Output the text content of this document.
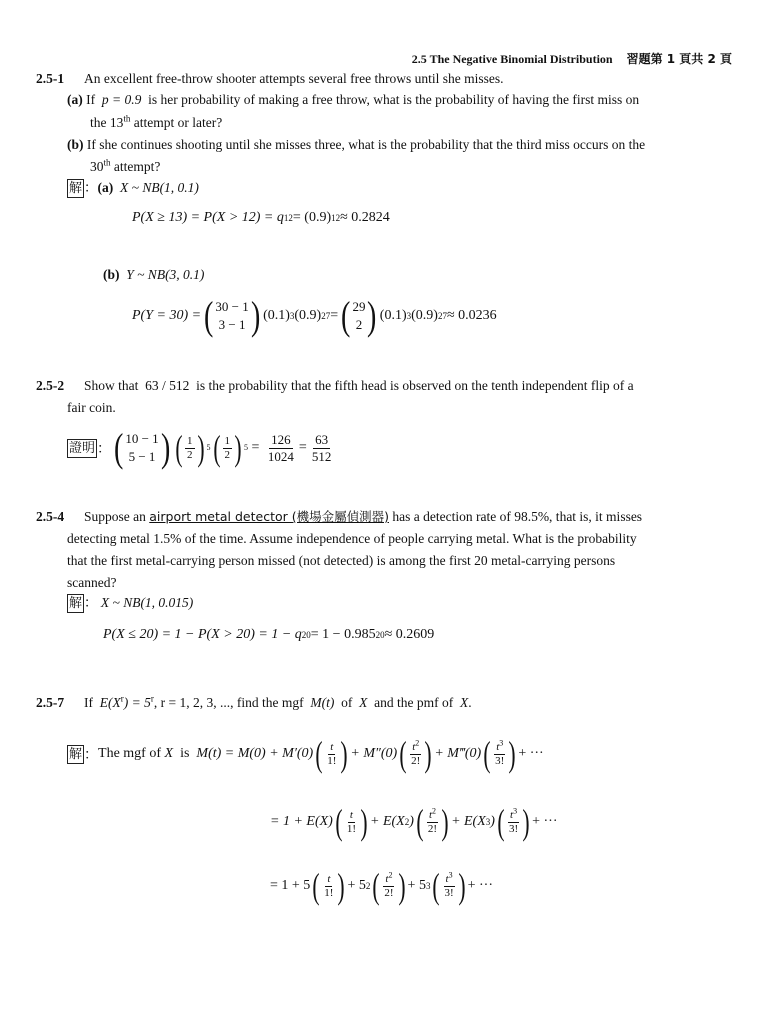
2.5 The Negative Binomial Distribution 習題第 1 頁共 2 頁
2.5-1 An excellent free-throw shooter attempts several free throws until she misses.
(a) If p = 0.9 is her probability of making a free throw, what is the probability of having the first miss on
the 13th attempt or later?
(b) If she continues shooting until she misses three, what is the probability that the third miss occurs on the
30th attempt?
解 ：(a) X ~ NB(1, 0.1)
P(X ≥ 13) = P(X > 12) = q 12 = (0.9) 12 ≈ 0.2824
(b) Y ~ NB(3, 0.1)
P(Y = 30) = ( 30 − 1
3 − 1 ) (0.1) 3 (0.9) 27 = ( 29
2 ) (0.1) 3 (0.9) 27 ≈ 0.0236
2.5-2 Show that 63 / 512 is the probability that the fifth head is observed on the tenth independent flip of a
fair coin.
證明 ： ( 10 − 1
5 − 1 ) ( $\frac{1}{2}$ ) 5 ( $\frac{1}{2}$ ) $5 = \frac{126}{1024} = \frac{63}{512}$
2.5-4 Suppose an airport metal detector (機場金屬偵測器) has a detection rate of 98.5%, that is, it misses
detecting metal 1.5% of the time. Assume independence of people carrying metal. What is the probability
that the first metal-carrying person missed (not detected) is among the first 20 metal-carrying persons
scanned?
解 ： X ~ NB(1, 0.015)
P(X ≤ 20) = 1 − P(X > 20) = 1 − q 20 = 1 − 0.985 20 ≈ 0.2609
2.5-7 If $E(X^r) = 5^r$, r = 1, 2, 3, ..., find the mgf M(t) of X and the pmf of X.
解 ： The mgf of
X
is
M(t) = M(0) + M′(0) ( $\frac{t}{1!}$ ) + M″(0) ( $\frac{t^2}{2!}$ ) + M‴(0) ( $\frac{t^3}{3!}$ ) + ···
= 1 + E(X) ( $\frac{t}{1!}$ ) + E(X 2 ) ( $\frac{t^2}{2!}$ ) + E(X 3 ) ( $\frac{t^3}{3!}$ ) + ···
= 1 + 5 ( $\frac{t}{1!}$ ) + 5 2 ( $\frac{t^2}{2!}$ ) + 5 3 ( $\frac{t^3}{3!}$ ) + ···
